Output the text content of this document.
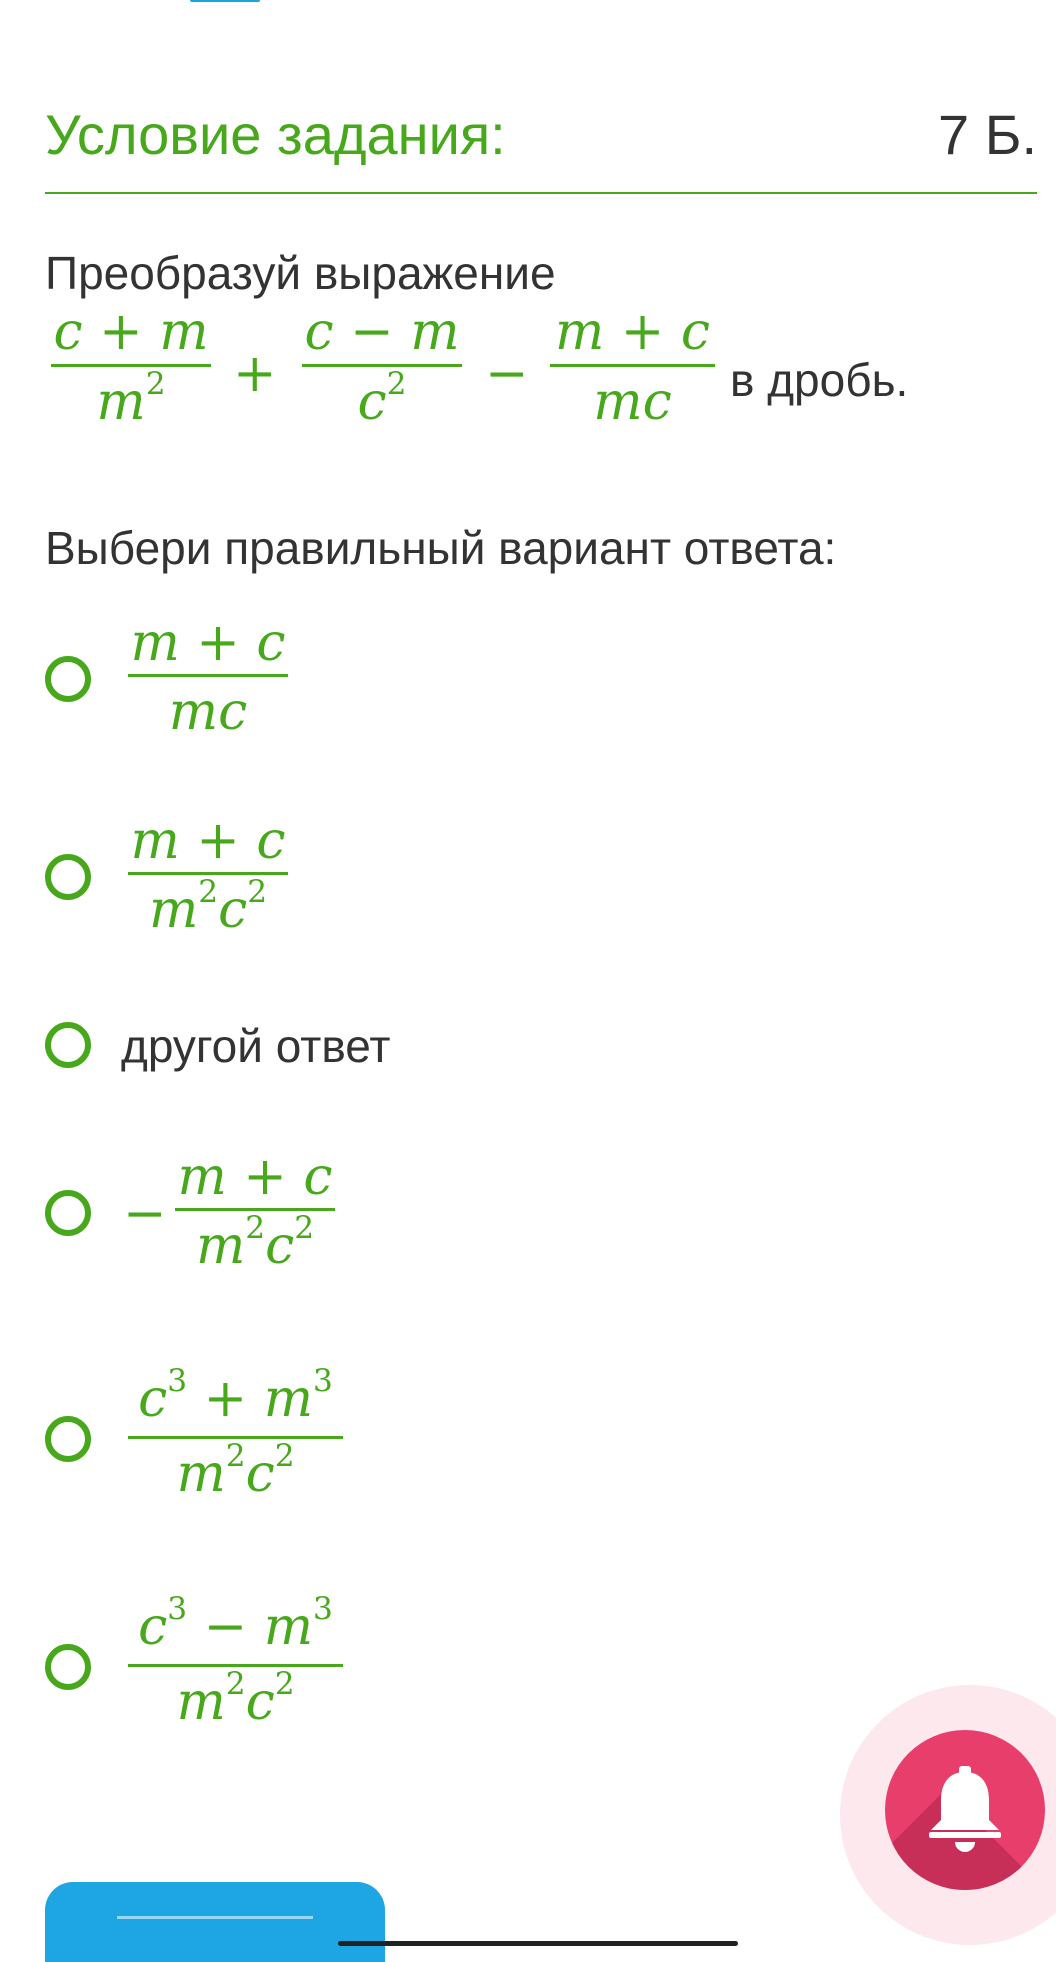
Условие задания:	7 Б.
Преобразуй выражение
c + m
$m^2$	+
c − m
$c^2$	−
m + c
mc	в дробь.
Выбери правильный вариант ответа:
m + c
mc
m + c
$m^2c^2$
другой ответ
−
m + c
$m^2c^2$
$c^3 + m^3$
$m^2c^2$
$c^3 - m^3$
$m^2c^2$
